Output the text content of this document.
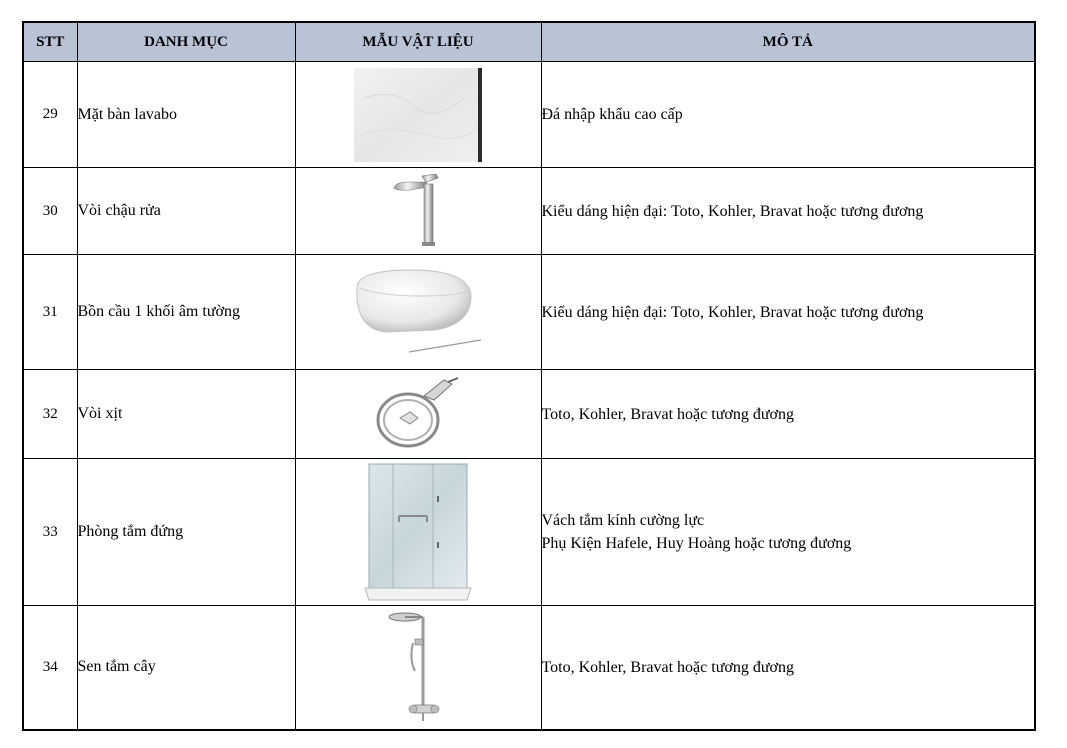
STT	DANH MỤC	MẪU VẬT LIỆU	MÔ TẢ
29	Mặt bàn lavabo		Đá nhập khẩu cao cấp

30	Vòi chậu rửa		Kiểu dáng hiện đại: Toto, Kohler, Bravat hoặc tương đương

31	Bồn cầu 1 khối âm tường		Kiểu dáng hiện đại: Toto, Kohler, Bravat hoặc tương đương

32	Vòi xịt		Toto, Kohler, Bravat hoặc tương đương

33	Phòng tắm đứng		Vách tắm kính cường lực
Phụ Kiện Hafele, Huy Hoàng hoặc tương đương

34	Sen tắm cây		Toto, Kohler, Bravat hoặc tương đương
